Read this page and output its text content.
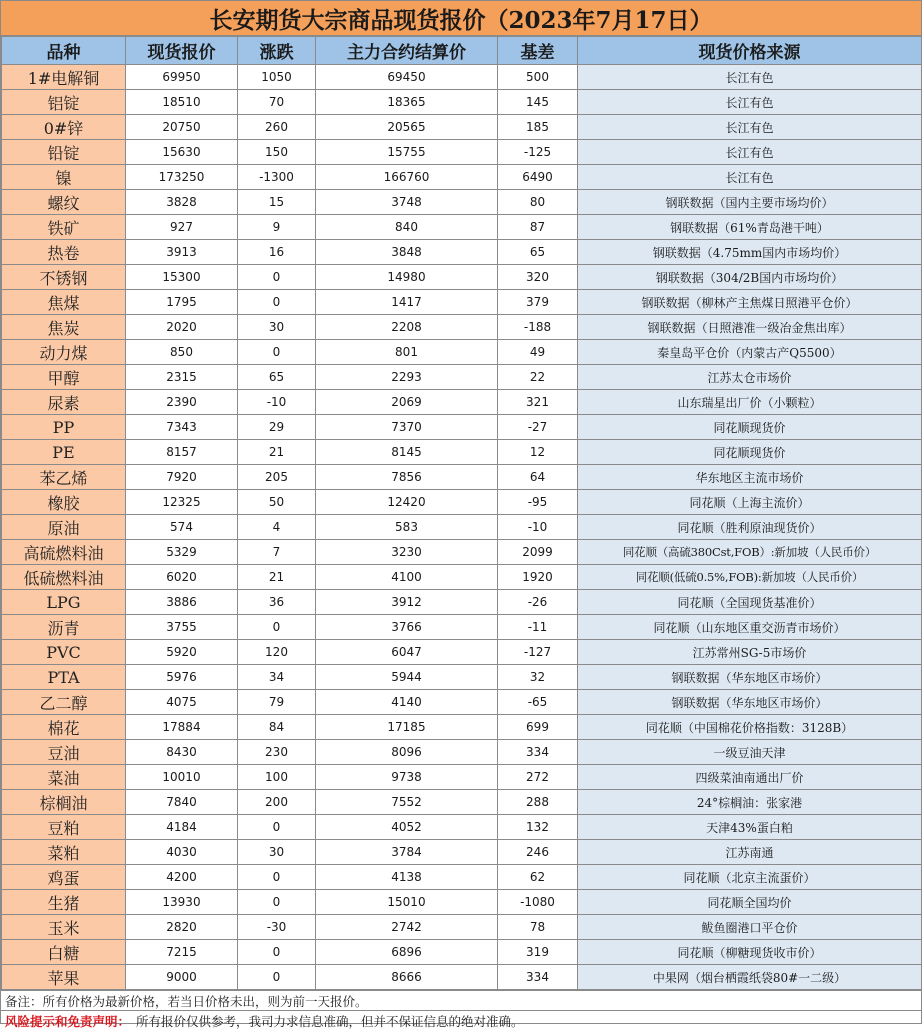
长安期货大宗商品现货报价（2023年7月17日）
品种	现货报价	涨跌	主力合约结算价	基差	现货价格来源
1#电解铜	69950	1050	69450	500	长江有色
铝锭	18510	70	18365	145	长江有色
0#锌	20750	260	20565	185	长江有色
铅锭	15630	150	15755	-125	长江有色
镍	173250	-1300	166760	6490	长江有色
螺纹	3828	15	3748	80	钢联数据（国内主要市场均价）
铁矿	927	9	840	87	钢联数据（61%青岛港干吨）
热卷	3913	16	3848	65	钢联数据（4.75mm国内市场均价）
不锈钢	15300	0	14980	320	钢联数据（304/2B国内市场均价）
焦煤	1795	0	1417	379	钢联数据（柳林产主焦煤日照港平仓价）
焦炭	2020	30	2208	-188	钢联数据（日照港准一级冶金焦出库）
动力煤	850	0	801	49	秦皇岛平仓价（内蒙古产Q5500）
甲醇	2315	65	2293	22	江苏太仓市场价
尿素	2390	-10	2069	321	山东瑞星出厂价（小颗粒）
PP	7343	29	7370	-27	同花顺现货价
PE	8157	21	8145	12	同花顺现货价
苯乙烯	7920	205	7856	64	华东地区主流市场价
橡胶	12325	50	12420	-95	同花顺（上海主流价）
原油	574	4	583	-10	同花顺（胜利原油现货价）
高硫燃料油	5329	7	3230	2099	同花顺（高硫380Cst,FOB）:新加坡（人民币价）
低硫燃料油	6020	21	4100	1920	同花顺(低硫0.5%,FOB):新加坡（人民币价）
LPG	3886	36	3912	-26	同花顺（全国现货基准价）
沥青	3755	0	3766	-11	同花顺（山东地区重交沥青市场价）
PVC	5920	120	6047	-127	江苏常州SG-5市场价
PTA	5976	34	5944	32	钢联数据（华东地区市场价）
乙二醇	4075	79	4140	-65	钢联数据（华东地区市场价）
棉花	17884	84	17185	699	同花顺（中国棉花价格指数：3128B）
豆油	8430	230	8096	334	一级豆油天津
菜油	10010	100	9738	272	四级菜油南通出厂价
棕榈油	7840	200	7552	288	24°棕榈油：张家港
豆粕	4184	0	4052	132	天津43%蛋白粕
菜粕	4030	30	3784	246	江苏南通
鸡蛋	4200	0	4138	62	同花顺（北京主流蛋价）
生猪	13930	0	15010	-1080	同花顺全国均价
玉米	2820	-30	2742	78	鲅鱼圈港口平仓价
白糖	7215	0	6896	319	同花顺（柳糖现货收市价）
苹果	9000	0	8666	334	中果网（烟台栖霞纸袋80#一二级）
备注：所有价格为最新价格，若当日价格未出，则为前一天报价。
风险提示和免责声明： 所有报价仅供参考，我司力求信息准确，但并不保证信息的绝对准确。
